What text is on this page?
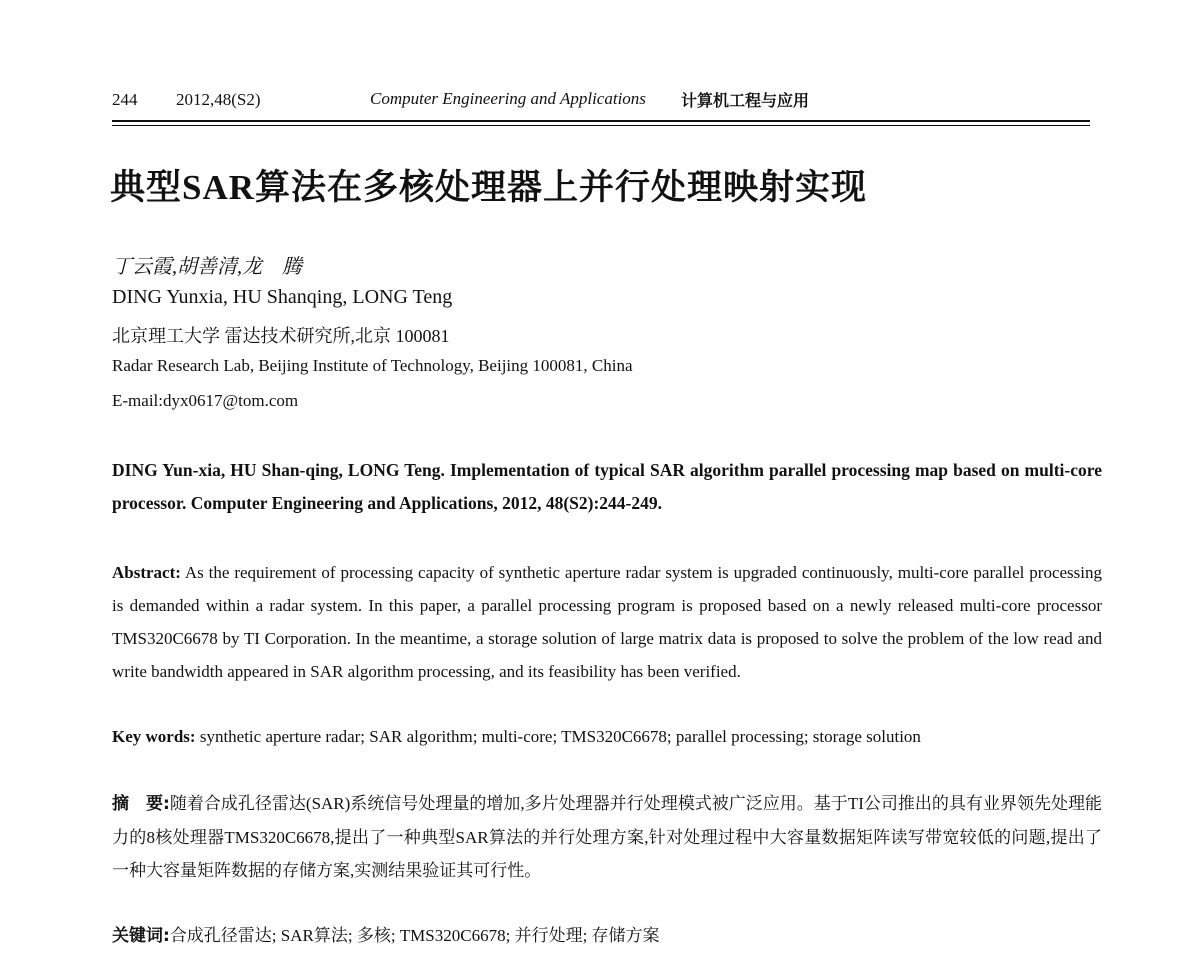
244 2012,48(S2)	Computer Engineering and Applications 计算机工程与应用
典型SAR算法在多核处理器上并行处理映射实现
丁云霞,胡善清,龙　腾
DING Yunxia, HU Shanqing, LONG Teng
北京理工大学 雷达技术研究所,北京 100081
Radar Research Lab, Beijing Institute of Technology, Beijing 100081, China
E-mail:dyx0617@tom.com

DING Yun-xia, HU Shan-qing, LONG Teng. Implementation of typical SAR algorithm parallel processing map based on multi-core processor. Computer Engineering and Applications, 2012, 48(S2):244-249.

Abstract: As the requirement of processing capacity of synthetic aperture radar system is upgraded continuously, multi-core parallel processing is demanded within a radar system. In this paper, a parallel processing program is proposed based on a newly released multi-core processor TMS320C6678 by TI Corporation. In the meantime, a storage solution of large matrix data is proposed to solve the problem of the low read and write bandwidth appeared in SAR algorithm processing, and its feasibility has been verified.

Key words: synthetic aperture radar; SAR algorithm; multi-core; TMS320C6678; parallel processing; storage solution

摘　要:随着合成孔径雷达(SAR)系统信号处理量的增加,多片处理器并行处理模式被广泛应用。基于TI公司推出的具有业界领先处理能力的8核处理器TMS320C6678,提出了一种典型SAR算法的并行处理方案,针对处理过程中大容量数据矩阵读写带宽较低的问题,提出了一种大容量矩阵数据的存储方案,实测结果验证其可行性。

关键词:合成孔径雷达; SAR算法; 多核; TMS320C6678; 并行处理; 存储方案
